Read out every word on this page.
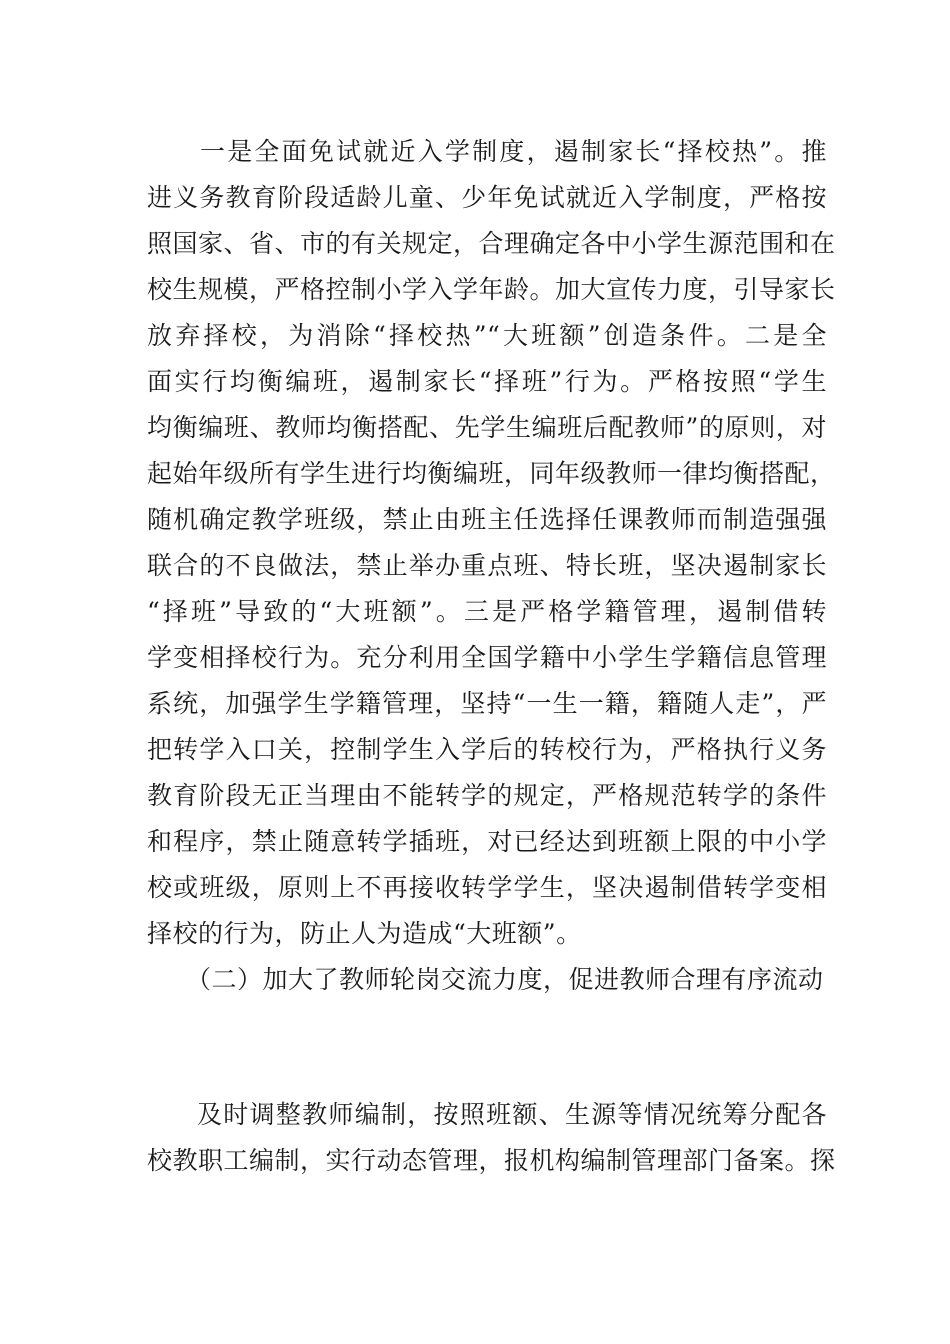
一是全面免试就近入学制度，遏制家长“择校热”。推
进义务教育阶段适龄儿童、少年免试就近入学制度，严格按
照国家、省、市的有关规定，合理确定各中小学生源范围和在
校生规模，严格控制小学入学年龄。加大宣传力度，引导家长
放弃择校，为消除“择校热”“大班额”创造条件。二是全
面实行均衡编班，遏制家长“择班”行为。严格按照“学生
均衡编班、教师均衡搭配、先学生编班后配教师”的原则，对
起始年级所有学生进行均衡编班，同年级教师一律均衡搭配，
随机确定教学班级，禁止由班主任选择任课教师而制造强强
联合的不良做法，禁止举办重点班、特长班，坚决遏制家长
“择班”导致的“大班额”。三是严格学籍管理，遏制借转
学变相择校行为。充分利用全国学籍中小学生学籍信息管理
系统，加强学生学籍管理，坚持“一生一籍，籍随人走”，严
把转学入口关，控制学生入学后的转校行为，严格执行义务
教育阶段无正当理由不能转学的规定，严格规范转学的条件
和程序，禁止随意转学插班，对已经达到班额上限的中小学
校或班级，原则上不再接收转学学生，坚决遏制借转学变相
择校的行为，防止人为造成“大班额”。
（二）加大了教师轮岗交流力度，促进教师合理有序流动
及时调整教师编制，按照班额、生源等情况统筹分配各
校教职工编制，实行动态管理，报机构编制管理部门备案。探
